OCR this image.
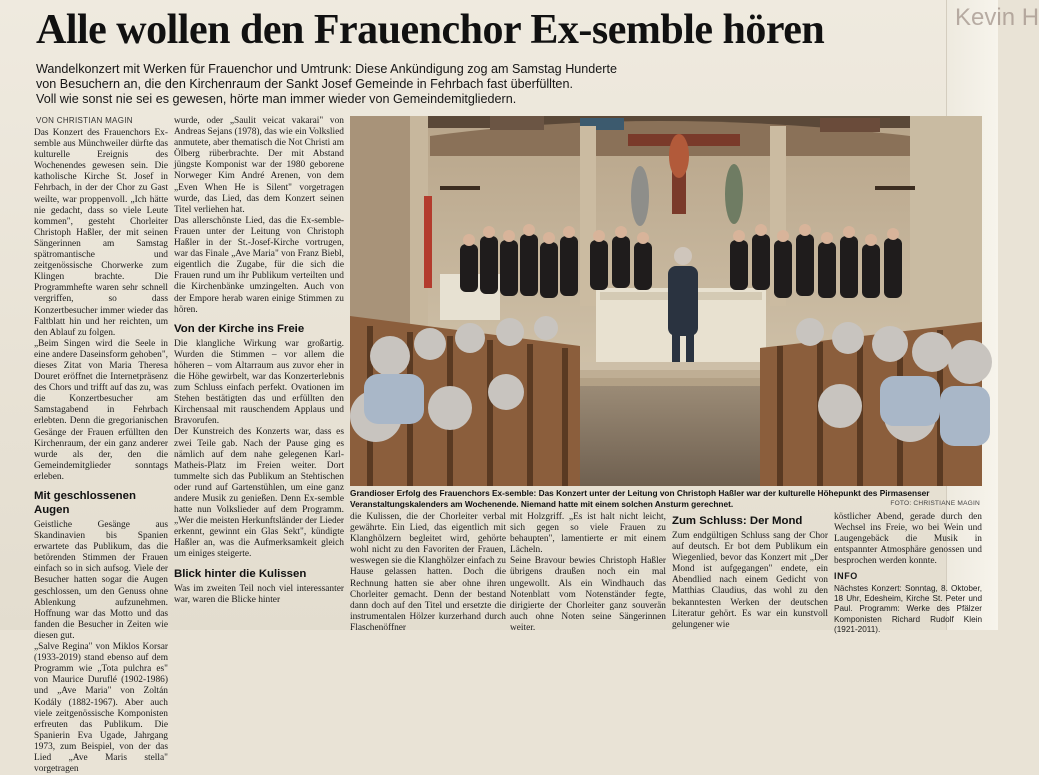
Kevin H
Alle wollen den Frauenchor Ex-semble hören

Wandelkonzert mit Werken für Frauenchor und Umtrunk: Diese Ankündigung zog am Samstag Hunderte

von Besuchern an, die den Kirchenraum der Sankt Josef Gemeinde in Fehrbach fast überfüllten.

Voll wie sonst nie sei es gewesen, hörte man immer wieder von Gemeindemitgliedern.

VON CHRISTIAN MAGIN

Das Konzert des Frauenchors Ex-semble aus Münchweiler dürfte das kulturelle Ereignis des Wochenendes gewesen sein. Die katholische Kirche St. Josef in Fehrbach, in der der Chor zu Gast weilte, war proppenvoll. „Ich hätte nie gedacht, dass so viele Leute kommen", gesteht Chorleiter Christoph Haßler, der mit seinen Sängerinnen am Samstag spätromantische und zeitgenössische Chorwerke zum Klingen brachte. Die Programmhefte waren sehr schnell vergriffen, so dass Konzertbesucher immer wieder das Faltblatt hin und her reichten, um den Ablauf zu folgen.

„Beim Singen wird die Seele in eine andere Daseinsform gehoben", dieses Zitat von Maria Theresa Douret eröffnet die Internetpräsenz des Chors und trifft auf das zu, was die Konzertbesucher am Samstagabend in Fehrbach erlebten. Denn die gregorianischen Gesänge der Frauen erfüllten den Kirchenraum, der ein ganz anderer wurde als der, den die Gemeindemitglieder sonntags erleben.

Mit geschlossenen Augen

Geistliche Gesänge aus Skandinavien bis Spanien erwartete das Publikum, das die betörenden Stimmen der Frauen einfach so in sich aufsog. Viele der Besucher hatten sogar die Augen geschlossen, um den Genuss ohne Ablenkung aufzunehmen. Hoffnung war das Motto und das fanden die Besucher in Zeiten wie diesen gut.

„Salve Regina" von Miklos Korsar (1933-2019) stand ebenso auf dem Programm wie „Tota pulchra es" von Maurice Duruflé (1902-1986) und „Ave Maria" von Zoltán Kodály (1882-1967). Aber auch viele zeitgenössische Komponisten erfreuten das Publikum. Die Spanierin Eva Ugade, Jahrgang 1973, zum Beispiel, von der das Lied „Ave Maris stella" vorgetragen

wurde, oder „Saulit veicat vakarai" von Andreas Sejans (1978), das wie ein Volkslied anmutete, aber thematisch die Not Christi am Ölberg rüberbrachte. Der mit Abstand jüngste Komponist war der 1980 geborene Norweger Kim André Arenen, von dem „Even When He is Silent" vorgetragen wurde, das Lied, das dem Konzert seinen Titel verliehen hat.

Das allerschönste Lied, das die Ex-semble-Frauen unter der Leitung von Christoph Haßler in der St.-Josef-Kirche vortrugen, war das Finale „Ave Maria" von Franz Biebl, eigentlich die Zugabe, für die sich die Frauen rund um ihr Publikum verteilten und die Kirchenbänke umzingelten. Auch von der Empore herab waren einige Stimmen zu hören.

Von der Kirche ins Freie

Die klangliche Wirkung war großartig. Wurden die Stimmen – vor allem die höheren – vom Altarraum aus zuvor eher in die Höhe gewirbelt, war das Konzerterlebnis zum Schluss einfach perfekt. Ovationen im Stehen bestätigten das und erfüllten den Kirchensaal mit rauschendem Applaus und Bravorufen.

Der Kunstreich des Konzerts war, dass es zwei Teile gab. Nach der Pause ging es nämlich auf dem nahe gelegenen Karl-Matheis-Platz im Freien weiter. Dort tummelte sich das Publikum an Stehtischen oder rund auf Gartenstühlen, um eine ganz andere Musik zu genießen. Denn Ex-semble hatte nun Volkslieder auf dem Programm. „Wer die meisten Herkunftsländer der Lieder erkennt, gewinnt ein Glas Sekt", kündigte Haßler an, was die Aufmerksamkeit gleich um einiges steigerte.

Blick hinter die Kulissen

Was im zweiten Teil noch viel interessanter war, waren die Blicke hinter

Grandioser Erfolg des Frauenchors Ex-semble: Das Konzert unter der Leitung von Christoph Haßler war der kulturelle Höhepunkt des Pirmasenser Veranstaltungskalenders am Wochenende. Niemand hatte mit einem solchen Ansturm gerechnet.	FOTO: CHRISTIANE MAGIN

die Kulissen, die der Chorleiter verbal gewährte. Ein Lied, das eigentlich mit Klanghölzern begleitet wird, gehörte wohl nicht zu den Favoriten der Frauen, weswegen sie die Klanghölzer einfach zu Hause gelassen hatten. Doch die Rechnung hatten sie aber ohne ihren Chorleiter gemacht. Denn der bestand dann doch auf den Titel und ersetzte die instrumentalen Hölzer kurzerhand durch Flaschenöffner

mit Holzgriff. „Es ist halt nicht leicht, sich gegen so viele Frauen zu behaupten", lamentierte er mit einem Lächeln.

Seine Bravour bewies Christoph Haßler übrigens draußen noch ein mal ungewollt. Als ein Windhauch das Notenblatt vom Notenständer fegte, dirigierte der Chorleiter ganz souverän auch ohne Noten seine Sängerinnen weiter.

Zum Schluss: Der Mond

Zum endgültigen Schluss sang der Chor auf deutsch. Er bot dem Publikum ein Wiegenlied, bevor das Konzert mit „Der Mond ist aufgegangen" endete, ein Abendlied nach einem Gedicht von Matthias Claudius, das wohl zu den bekanntesten Werken der deutschen Literatur gehört. Es war ein kunstvoll gelungener wie

köstlicher Abend, gerade durch den Wechsel ins Freie, wo bei Wein und Laugengebäck die Musik in entspannter Atmosphäre genossen und besprochen werden konnte.

INFO
Nächstes Konzert: Sonntag, 8. Oktober, 18 Uhr, Edesheim, Kirche St. Peter und Paul. Programm: Werke des Pfälzer Komponisten Richard Rudolf Klein (1921-2011).
